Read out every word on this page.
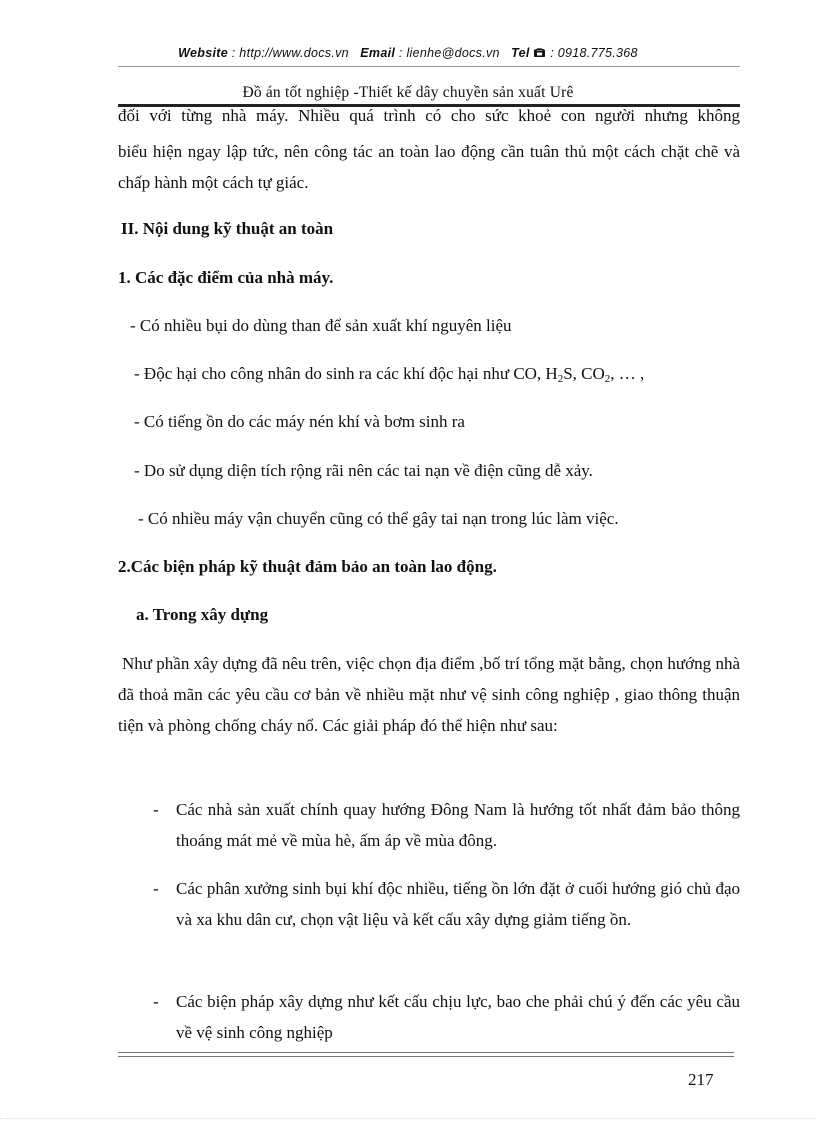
Website : http://www.docs.vn Email : lienhe@docs.vn Tel : 0918.775.368
Đồ án tốt nghiệp -Thiết kế dây chuyền sản xuất Urê
đối với từng nhà máy. Nhiều quá trình có cho sức khoẻ con người nhưng không
biểu hiện ngay lập tức, nên công tác an toàn lao động cần tuân thủ một cách chặt chẽ và chấp hành một cách tự giác.
II. Nội dung kỹ thuật an toàn
1. Các đặc điểm của nhà máy.
- Có nhiều bụi do dùng than để sản xuất khí nguyên liệu
- Độc hại cho công nhân do sinh ra các khí độc hại như CO, $H_2S$, $CO_2$, … ,
- Có tiếng ồn do các máy nén khí và bơm sinh ra
- Do sử dụng diện tích rộng rãi nên các tai nạn về điện cũng dễ xảy.
- Có nhiều máy vận chuyển cũng có thể gây tai nạn trong lúc làm việc.
2.Các biện pháp kỹ thuật đảm bảo an toàn lao động.
a. Trong xây dựng
Như phần xây dựng đã nêu trên, việc chọn địa điểm ,bố trí tổng mặt bằng, chọn hướng nhà đã thoả mãn các yêu cầu cơ bản về nhiều mặt như vệ sinh công nghiệp , giao thông thuận tiện và phòng chống cháy nổ. Các giải pháp đó thể hiện như sau:
- Các nhà sản xuất chính quay hướng Đông Nam là hướng tốt nhất đảm bảo thông thoáng mát mẻ về mùa hè, ấm áp về mùa đông.
- Các phân xưởng sinh bụi khí độc nhiều, tiếng ồn lớn đặt ở cuối hướng gió chủ đạo và xa khu dân cư, chọn vật liệu và kết cấu xây dựng giảm tiếng ồn.
- Các biện pháp xây dựng như kết cấu chịu lực, bao che phải chú ý đến các yêu cầu về vệ sinh công nghiệp
217
